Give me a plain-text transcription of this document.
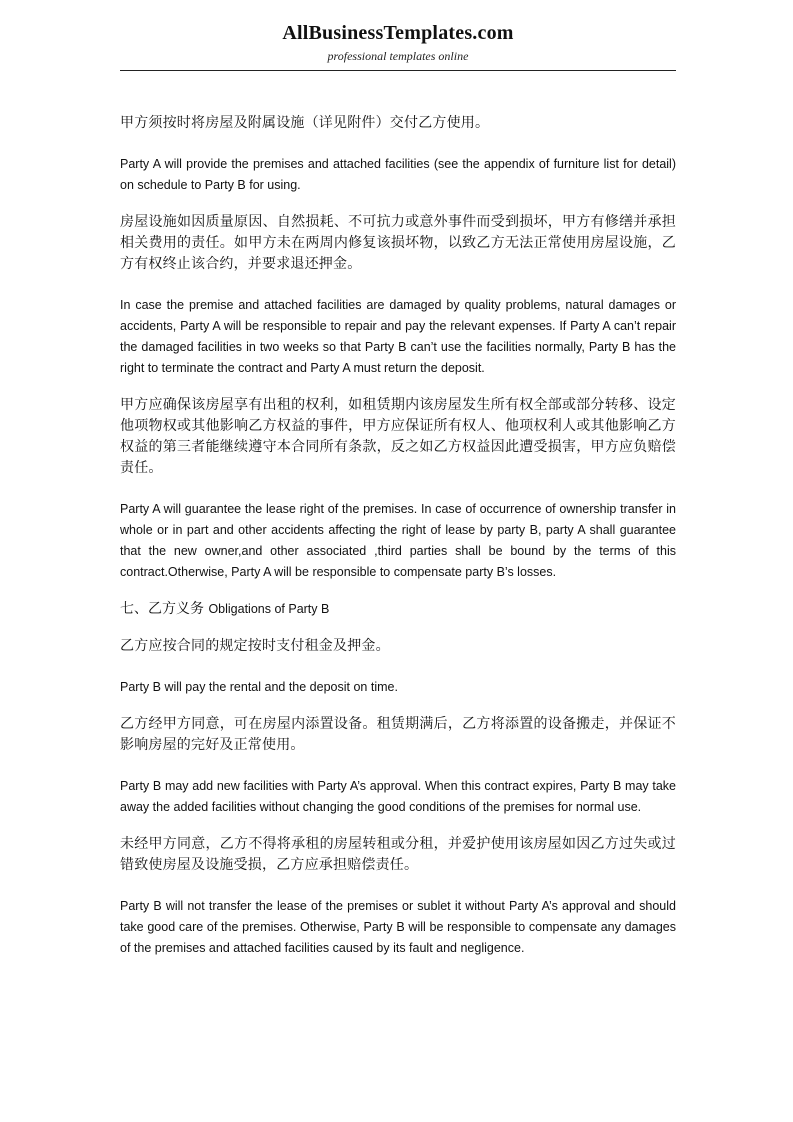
AllBusinessTemplates.com
professional templates online

甲方须按时将房屋及附属设施（详见附件）交付乙方使用。

Party A will provide the premises and attached facilities (see the appendix of furniture list for detail) on schedule to Party B for using.

房屋设施如因质量原因、自然损耗、不可抗力或意外事件而受到损坏，甲方有修缮并承担相关费用的责任。如甲方未在两周内修复该损坏物，以致乙方无法正常使用房屋设施，乙方有权终止该合约，并要求退还押金。

In case the premise and attached facilities are damaged by quality problems, natural damages or accidents, Party A will be responsible to repair and pay the relevant expenses. If Party A can’t repair the damaged facilities in two weeks so that Party B can’t use the facilities normally, Party B has the right to terminate the contract and Party A must return the deposit.

甲方应确保该房屋享有出租的权利，如租赁期内该房屋发生所有权全部或部分转移、设定他项物权或其他影响乙方权益的事件，甲方应保证所有权人、他项权利人或其他影响乙方权益的第三者能继续遵守本合同所有条款，反之如乙方权益因此遭受损害，甲方应负赔偿责任。

Party A will guarantee the lease right of the premises. In case of occurrence of ownership transfer in whole or in part and other accidents affecting the right of lease by party B, party A shall guarantee that the new owner,and other associated ,third parties shall be bound by the terms of this contract.Otherwise, Party A will be responsible to compensate party B’s losses.

七、乙方义务 Obligations of Party B

乙方应按合同的规定按时支付租金及押金。

Party B will pay the rental and the deposit on time.

乙方经甲方同意，可在房屋内添置设备。租赁期满后，乙方将添置的设备搬走，并保证不影响房屋的完好及正常使用。

Party B may add new facilities with Party A’s approval. When this contract expires, Party B may take away the added facilities without changing the good conditions of the premises for normal use.

未经甲方同意，乙方不得将承租的房屋转租或分租，并爱护使用该房屋如因乙方过失或过错致使房屋及设施受损，乙方应承担赔偿责任。

Party B will not transfer the lease of the premises or sublet it without Party A’s approval and should take good care of the premises. Otherwise, Party B will be responsible to compensate any damages of the premises and attached facilities caused by its fault and negligence.
